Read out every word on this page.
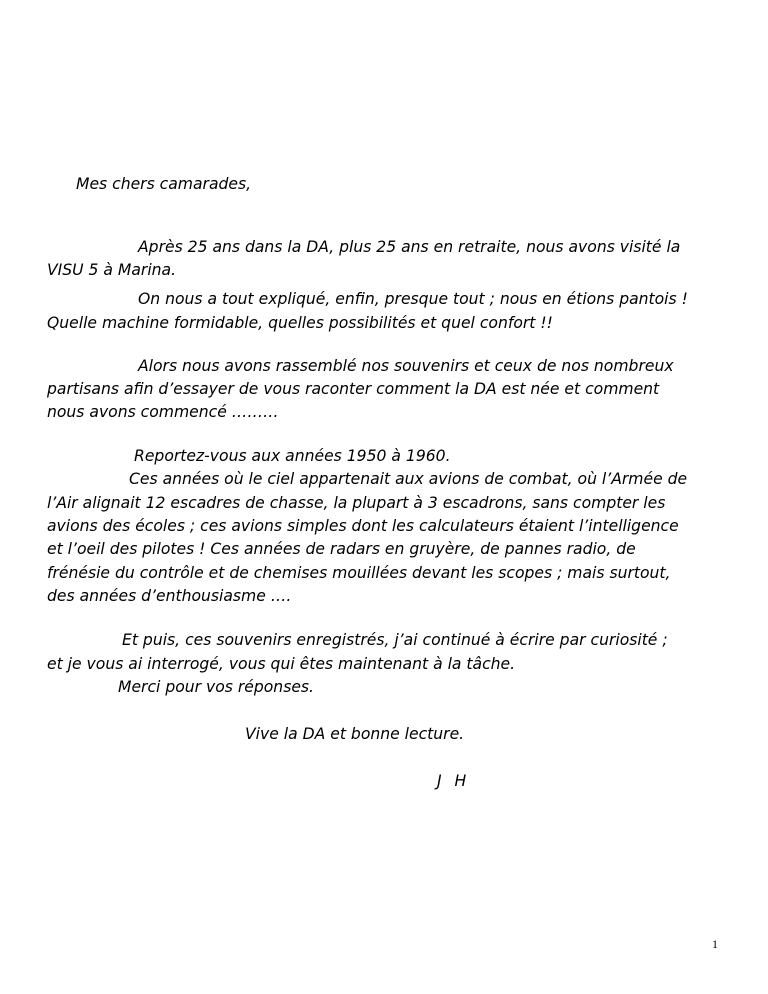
Mes chers camarades,
Après 25 ans dans la DA, plus 25 ans en retraite, nous avons visité la
VISU 5 à Marina.
On nous a tout expliqué, enfin, presque tout ; nous en étions pantois !
Quelle machine formidable, quelles possibilités et quel confort !!
Alors nous avons rassemblé nos souvenirs et ceux de nos nombreux
partisans afin d’essayer de vous raconter comment la DA est née et comment
nous avons commencé ………
Reportez-vous aux années 1950 à 1960.
Ces années où le ciel appartenait aux avions de combat, où l’Armée de
l’Air alignait 12 escadres de chasse, la plupart à 3 escadrons, sans compter les
avions des écoles ; ces avions simples dont les calculateurs étaient l’intelligence
et l’oeil des pilotes ! Ces années de radars en gruyère, de pannes radio, de
frénésie du contrôle et de chemises mouillées devant les scopes ; mais surtout,
des années d’enthousiasme ….
Et puis, ces souvenirs enregistrés, j’ai continué à écrire par curiosité ;
et je vous ai interrogé, vous qui êtes maintenant à la tâche.
Merci pour vos réponses.
Vive la DA et bonne lecture.
J H
1
